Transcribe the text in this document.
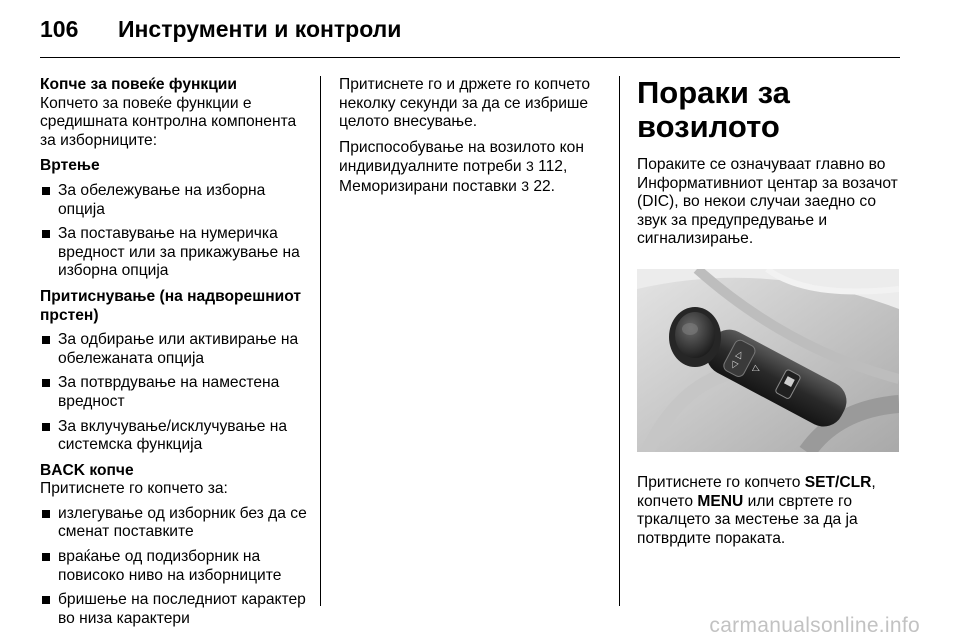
106	Инструменти и контроли

Копче за повеќе функции

Копчето за повеќе функции е средишната контролна компонента за изборниците:

Вртење

За обележување на изборна опција
За поставување на нумеричка вредност или за прикажување на изборна опција

Притиснување (на надворешниот прстен)

За одбирање или активирање на обележаната опција
За потврдување на наместена вредност
За вклучување/исклучување на системска функција

BACK копче

Притиснете го копчето за:

излегување од изборник без да се сменат поставките
враќање од подизборник на повисоко ниво на изборниците
бришење на последниот карактер во низа карактери

Притиснете го и држете го копчето неколку секунди за да се избрише целото внесување.

Приспособување на возилото кон индивидуалните потреби 3 112, Меморизирани поставки 3 22.

Пораки за возилото

Пораките се означуваат главно во Информативниот центар за возачот (DIC), во некои случаи заедно со звук за предупредување и сигнализирање.

△
▽ ▷

Притиснете го копчето SET/CLR, копчето MENU или свртете го тркалцето за местење за да ја потврдите пораката.

carmanualsonline.info
